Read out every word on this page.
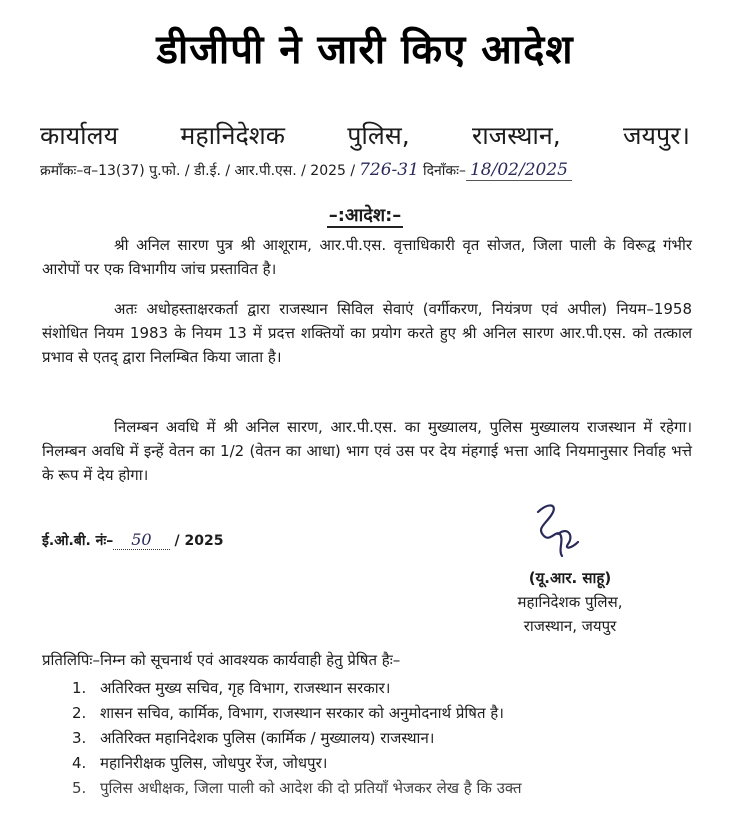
डीजीपी ने जारी किए आदेश
कार्यालय महानिदेशक पुलिस, राजस्थान, जयपुर।
क्रमाँकः–व–13(37) पु.फो. / डी.ई. / आर.पी.एस. / 2025 / 726-31 दिनाँकः– 18/02/2025
–:आदेश:–

श्री अनिल सारण पुत्र श्री आशूराम, आर.पी.एस. वृत्ताधिकारी वृत सोजत, जिला पाली के विरूद्व गंभीर आरोपों पर एक विभागीय जांच प्रस्तावित है।

अतः अधोहस्ताक्षरकर्ता द्वारा राजस्थान सिविल सेवाएं (वर्गीकरण, नियंत्रण एवं अपील) नियम–1958 संशोधित नियम 1983 के नियम 13 में प्रदत्त शक्तियों का प्रयोग करते हुए श्री अनिल सारण आर.पी.एस. को तत्काल प्रभाव से एतद् द्वारा निलम्बित किया जाता है।

निलम्बन अवधि में श्री अनिल सारण, आर.पी.एस. का मुख्यालय, पुलिस मुख्यालय राजस्थान में रहेगा। निलम्बन अवधि में इन्हें वेतन का 1/2 (वेतन का आधा) भाग एवं उस पर देय मंहगाई भत्ता आदि नियमानुसार निर्वाह भत्ते के रूप में देय होगा।

ई.ओ.बी. नंः– 50 / 2025
(यू.आर. साहू)
महानिदेशक पुलिस,
राजस्थान, जयपुर
प्रतिलिपिः–निम्न को सूचनार्थ एवं आवश्यक कार्यवाही हेतु प्रेषित हैः–
1. अतिरिक्त मुख्य सचिव, गृह विभाग, राजस्थान सरकार।
2. शासन सचिव, कार्मिक, विभाग, राजस्थान सरकार को अनुमोदनार्थ प्रेषित है।
3. अतिरिक्त महानिदेशक पुलिस (कार्मिक / मुख्यालय) राजस्थान।
4. महानिरीक्षक पुलिस, जोधपुर रेंज, जोधपुर।
5. पुलिस अधीक्षक, जिला पाली को आदेश की दो प्रतियाँ भेजकर लेख है कि उक्त
